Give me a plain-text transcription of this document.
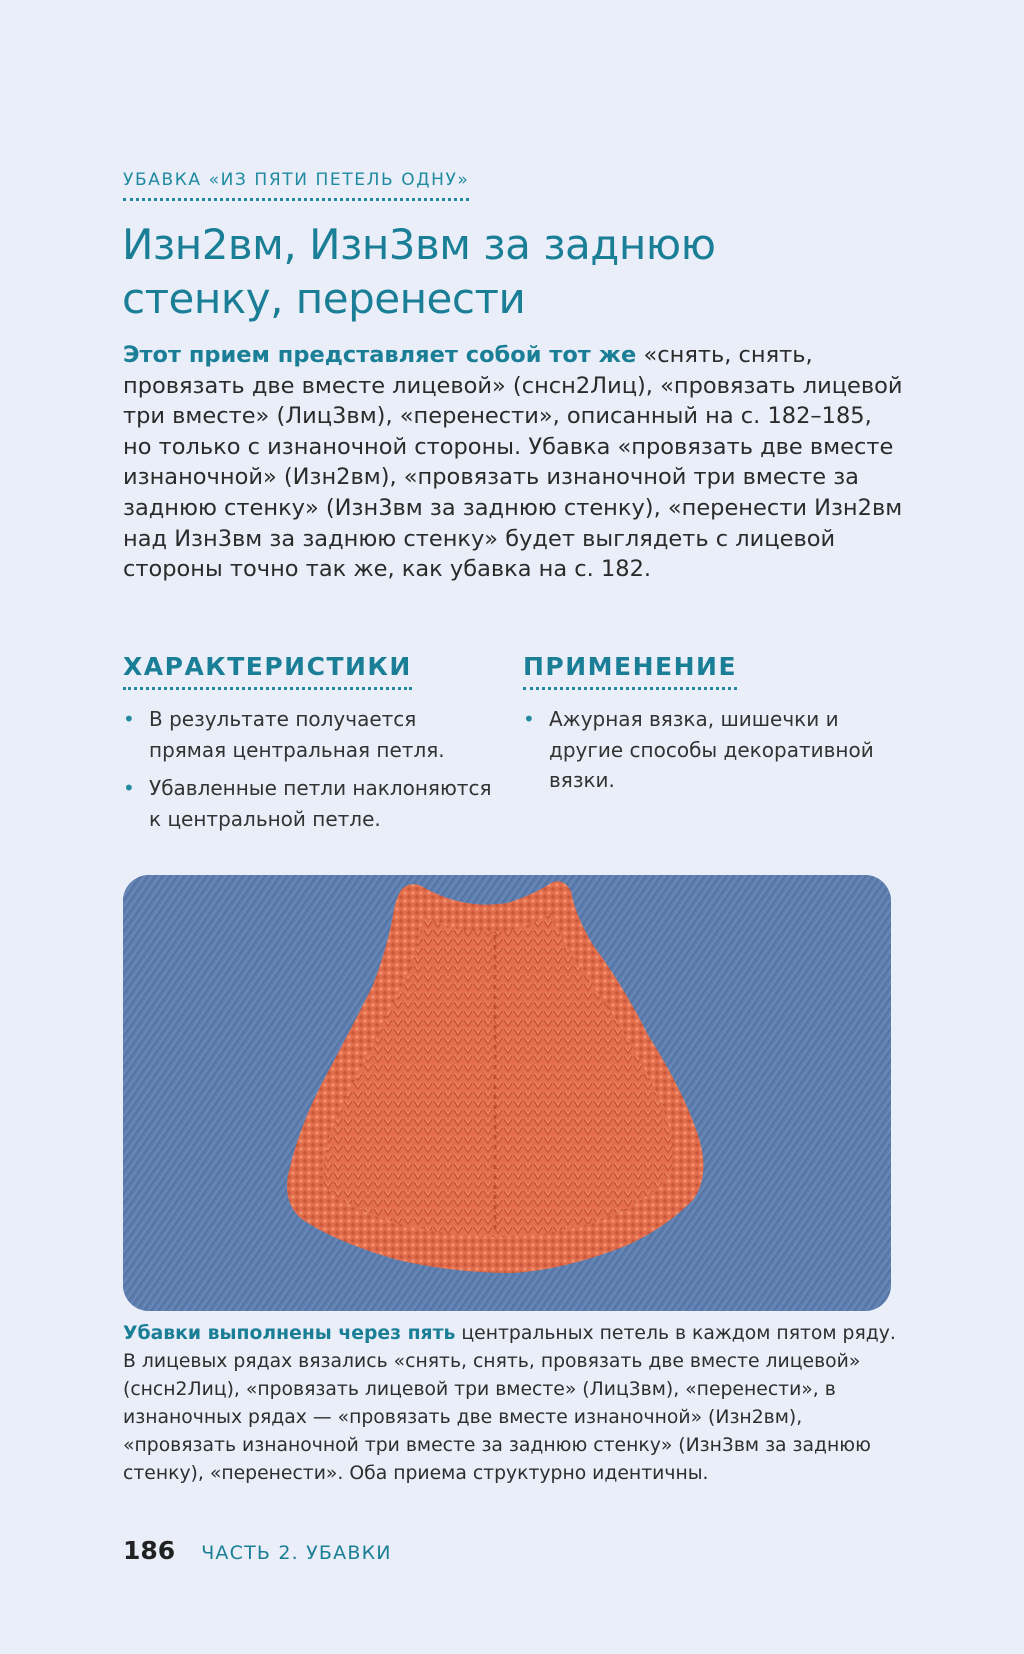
УБАВКА «ИЗ ПЯТИ ПЕТЕЛЬ ОДНУ»
Изн2вм, Изн3вм за заднюю
стенку, перенести

Этот прием представляет собой тот же «снять, снять, провязать две вместе лицевой» (снсн2Лиц), «провязать лицевой три вместе» (Лиц3вм), «перенести», описанный на с. 182–185, но только с изнаночной стороны. Убавка «провязать две вместе изнаночной» (Изн2вм), «провязать изнаночной три вместе за заднюю стенку» (Изн3вм за заднюю стенку), «перенести Изн2вм над Изн3вм за заднюю стенку» будет выглядеть с лицевой стороны точно так же, как убавка на с. 182.

ХАРАКТЕРИСТИКИ
• В результате получается прямая центральная петля.
• Убавленные петли наклоняются к центральной петле.
ПРИМЕНЕНИЕ
• Ажурная вязка, шишечки и другие способы декоративной вязки.

Убавки выполнены через пять центральных петель в каждом пятом ряду. В лицевых рядах вязались «снять, снять, провязать две вместе лицевой» (снсн2Лиц), «провязать лицевой три вместе» (Лиц3вм), «перенести», в изнаночных рядах — «провязать две вместе изнаночной» (Изн2вм), «провязать изнаночной три вместе за заднюю стенку» (Изн3вм за заднюю стенку), «перенести». Оба приема структурно идентичны.

186 ЧАСТЬ 2. УБАВКИ
